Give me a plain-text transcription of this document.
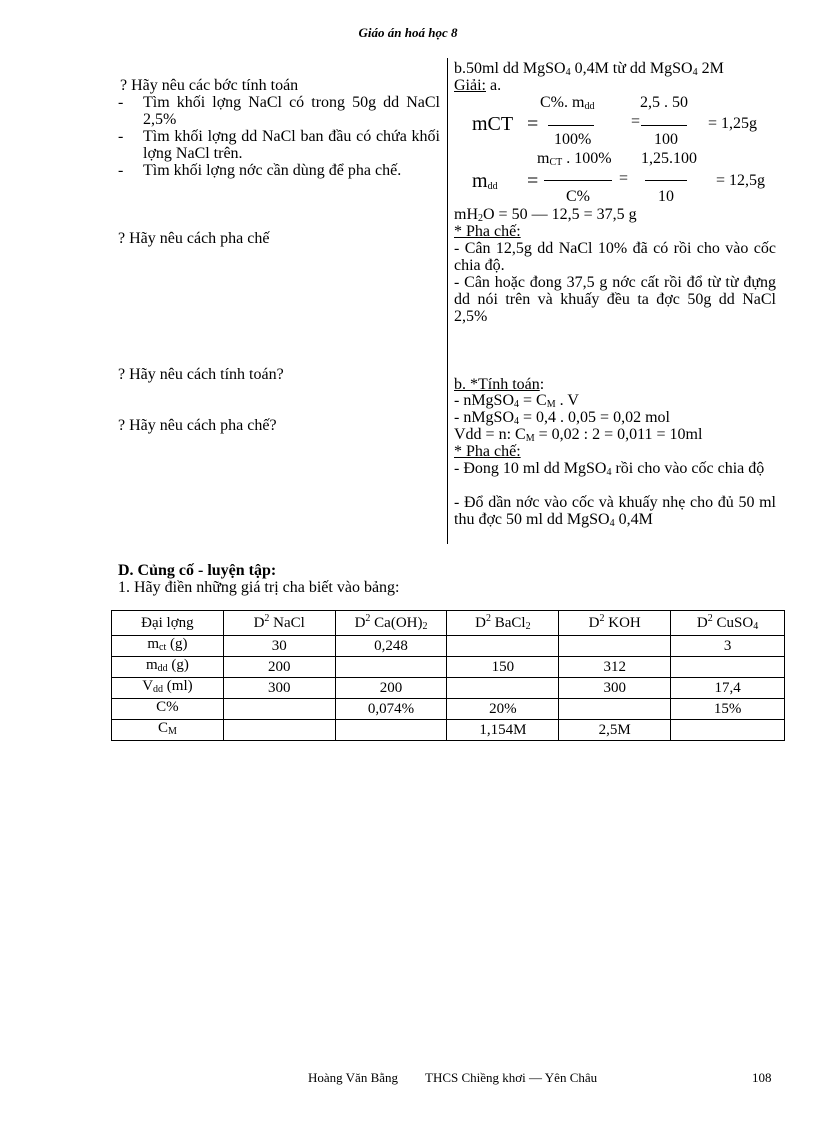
Giáo án hoá học 8
? Hãy nêu các bớc tính toán
- Tìm khối lợng NaCl có trong 50g dd NaCl 2,5%
- Tìm khối lợng dd NaCl ban đầu có chứa khối lợng NaCl trên.
- Tìm khối lợng nớc cần dùng để pha chế.
? Hãy nêu cách pha chế
? Hãy nêu cách tính toán?
? Hãy nêu cách pha chế?
b.50ml dd MgSO$_4$ 0,4M từ dd MgSO$_4$ 2M
Giải: a.
mCT =
C%. $m_{dd}$
100%
=
2,5 . 50
100
= 1,25g
$m_{dd}$ =
$m_{CT}$ . 100%
C%
=
1,25.100
10
= 12,5g
$mH_2O = 50$ — 12,5 = 37,5 g
* Pha chế:
- Cân 12,5g dd NaCl 10% đã có rồi cho vào cốc chia độ.
- Cân hoặc đong 37,5 g nớc cất rồi đổ từ từ đựng dd nói trên và khuấy đều ta đợc 50g dd NaCl 2,5%
b. *Tính toán:
- nMgSO$_4$ = $C_M$ . V
- nMgSO$_4$ = 0,4 . 0,05 = 0,02 mol
Vdd = n: $C_M = 0,02$ : 2 = 0,011 = 10ml
* Pha chế:
- Đong 10 ml dd MgSO$_4$ rồi cho vào cốc chia độ
- Đổ dần nớc vào cốc và khuấy nhẹ cho đủ 50 ml thu đợc 50 ml dd MgSO$_4$ 0,4M
D. Củng cố - luyện tập:
1. Hãy điền những giá trị cha biết vào bảng:
Đại lợng	$D^2$ NaCl	$D^2$ $Ca(OH)_2$	$D^2$ BaCl$_2$	$D^2$ KOH	$D^2$ CuSO$_4$
$m_{ct}$ (g)	30	0,248			3
$m_{dd}$ (g)	200		150	312	
$V_{dd}$ (ml)	300	200		300	17,4
C%		0,074%	20%		15%
$C_M$			1,154M	2,5M	
Hoàng Văn Bằng THCS Chiềng khơi — Yên Châu	108
